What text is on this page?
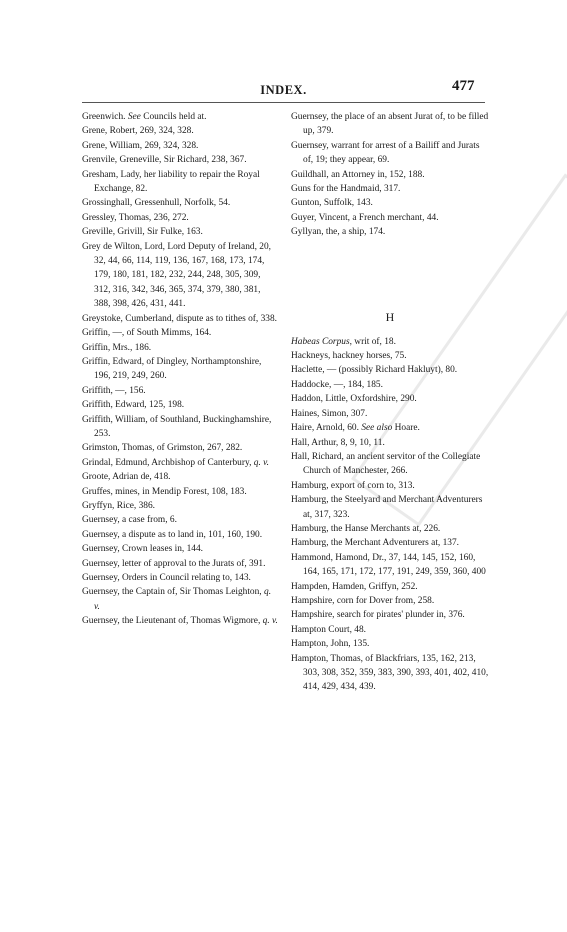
INDEX.	477

Greenwich. See Councils held at.

Grene, Robert, 269, 324, 328.

Grene, William, 269, 324, 328.

Grenvile, Greneville, Sir Richard, 238, 367.

Gresham, Lady, her liability to repair the Royal Exchange, 82.

Grossinghall, Gressenhull, Norfolk, 54.

Gressley, Thomas, 236, 272.

Greville, Grivill, Sir Fulke, 163.

Grey de Wilton, Lord, Lord Deputy of Ireland, 20, 32, 44, 66, 114, 119, 136, 167, 168, 173, 174, 179, 180, 181, 182, 232, 244, 248, 305, 309, 312, 316, 342, 346, 365, 374, 379, 380, 381, 388, 398, 426, 431, 441.

Greystoke, Cumberland, dispute as to tithes of, 338.

Griffin, —, of South Mimms, 164.

Griffin, Mrs., 186.

Griffin, Edward, of Dingley, Northamptonshire, 196, 219, 249, 260.

Griffith, —, 156.

Griffith, Edward, 125, 198.

Griffith, William, of Southland, Buckinghamshire, 253.

Grimston, Thomas, of Grimston, 267, 282.

Grindal, Edmund, Archbishop of Canterbury, q. v.

Groote, Adrian de, 418.

Gruffes, mines, in Mendip Forest, 108, 183.

Gryffyn, Rice, 386.

Guernsey, a case from, 6.

Guernsey, a dispute as to land in, 101, 160, 190.

Guernsey, Crown leases in, 144.

Guernsey, letter of approval to the Jurats of, 391.

Guernsey, Orders in Council relating to, 143.

Guernsey, the Captain of, Sir Thomas Leighton, q. v.

Guernsey, the Lieutenant of, Thomas Wigmore, q. v.

Guernsey, the place of an absent Jurat of, to be filled up, 379.

Guernsey, warrant for arrest of a Bailiff and Jurats of, 19; they appear, 69.

Guildhall, an Attorney in, 152, 188.

Guns for the Handmaid, 317.

Gunton, Suffolk, 143.

Guyer, Vincent, a French merchant, 44.

Gyllyan, the, a ship, 174.

H

Habeas Corpus, writ of, 18.

Hackneys, hackney horses, 75.

Haclette, — (possibly Richard Hakluyt), 80.

Haddocke, —, 184, 185.

Haddon, Little, Oxfordshire, 290.

Haines, Simon, 307.

Haire, Arnold, 60. See also Hoare.

Hall, Arthur, 8, 9, 10, 11.

Hall, Richard, an ancient servitor of the Collegiate Church of Manchester, 266.

Hamburg, export of corn to, 313.

Hamburg, the Steelyard and Merchant Adventurers at, 317, 323.

Hamburg, the Hanse Merchants at, 226.

Hamburg, the Merchant Adventurers at, 137.

Hammond, Hamond, Dr., 37, 144, 145, 152, 160, 164, 165, 171, 172, 177, 191, 249, 359, 360, 400

Hampden, Hamden, Griffyn, 252.

Hampshire, corn for Dover from, 258.

Hampshire, search for pirates' plunder in, 376.

Hampton Court, 48.

Hampton, John, 135.

Hampton, Thomas, of Blackfriars, 135, 162, 213, 303, 308, 352, 359, 383, 390, 393, 401, 402, 410, 414, 429, 434, 439.
